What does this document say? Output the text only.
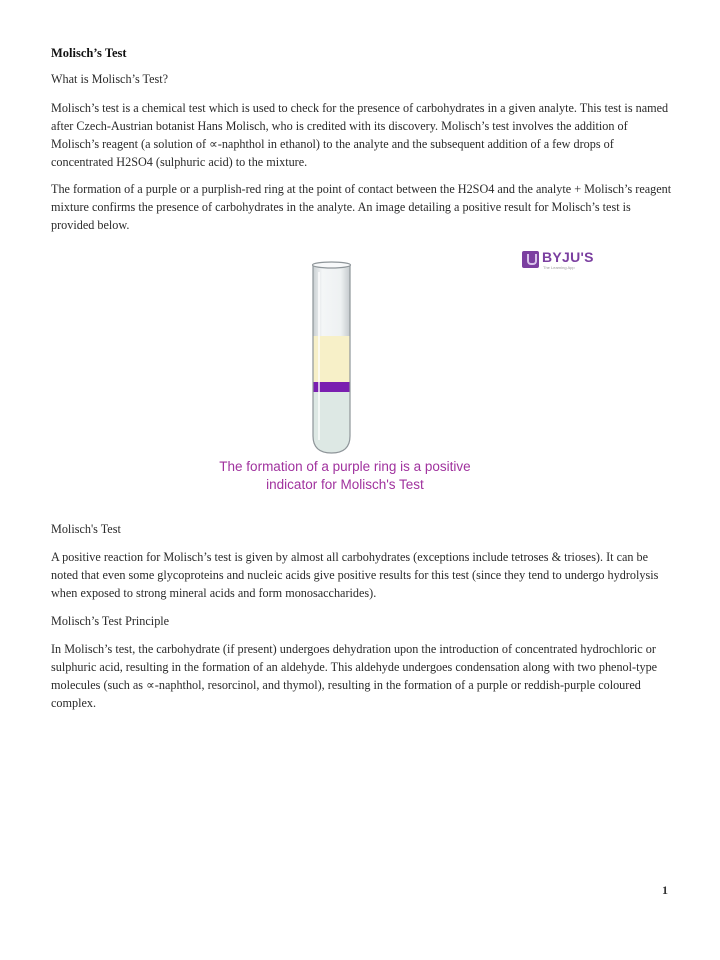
Molisch’s Test

What is Molisch’s Test?

Molisch’s test is a chemical test which is used to check for the presence of carbohydrates in a given analyte. This test is named after Czech-Austrian botanist Hans Molisch, who is credited with its discovery. Molisch’s test involves the addition of Molisch’s reagent (a solution of ∝-naphthol in ethanol) to the analyte and the subsequent addition of a few drops of concentrated H2SO4 (sulphuric acid) to the mixture.

The formation of a purple or a purplish-red ring at the point of contact between the H2SO4 and the analyte + Molisch’s reagent mixture confirms the presence of carbohydrates in the analyte. An image detailing a positive result for Molisch’s test is provided below.

BYJU'S
The Learning App
The formation of a purple ring is a positive
indicator for Molisch's Test

Molisch's Test

A positive reaction for Molisch’s test is given by almost all carbohydrates (exceptions include tetroses & trioses). It can be noted that even some glycoproteins and nucleic acids give positive results for this test (since they tend to undergo hydrolysis when exposed to strong mineral acids and form monosaccharides).

Molisch’s Test Principle

In Molisch’s test, the carbohydrate (if present) undergoes dehydration upon the introduction of concentrated hydrochloric or sulphuric acid, resulting in the formation of an aldehyde. This aldehyde undergoes condensation along with two phenol-type molecules (such as ∝-naphthol, resorcinol, and thymol), resulting in the formation of a purple or reddish-purple coloured complex.

1
